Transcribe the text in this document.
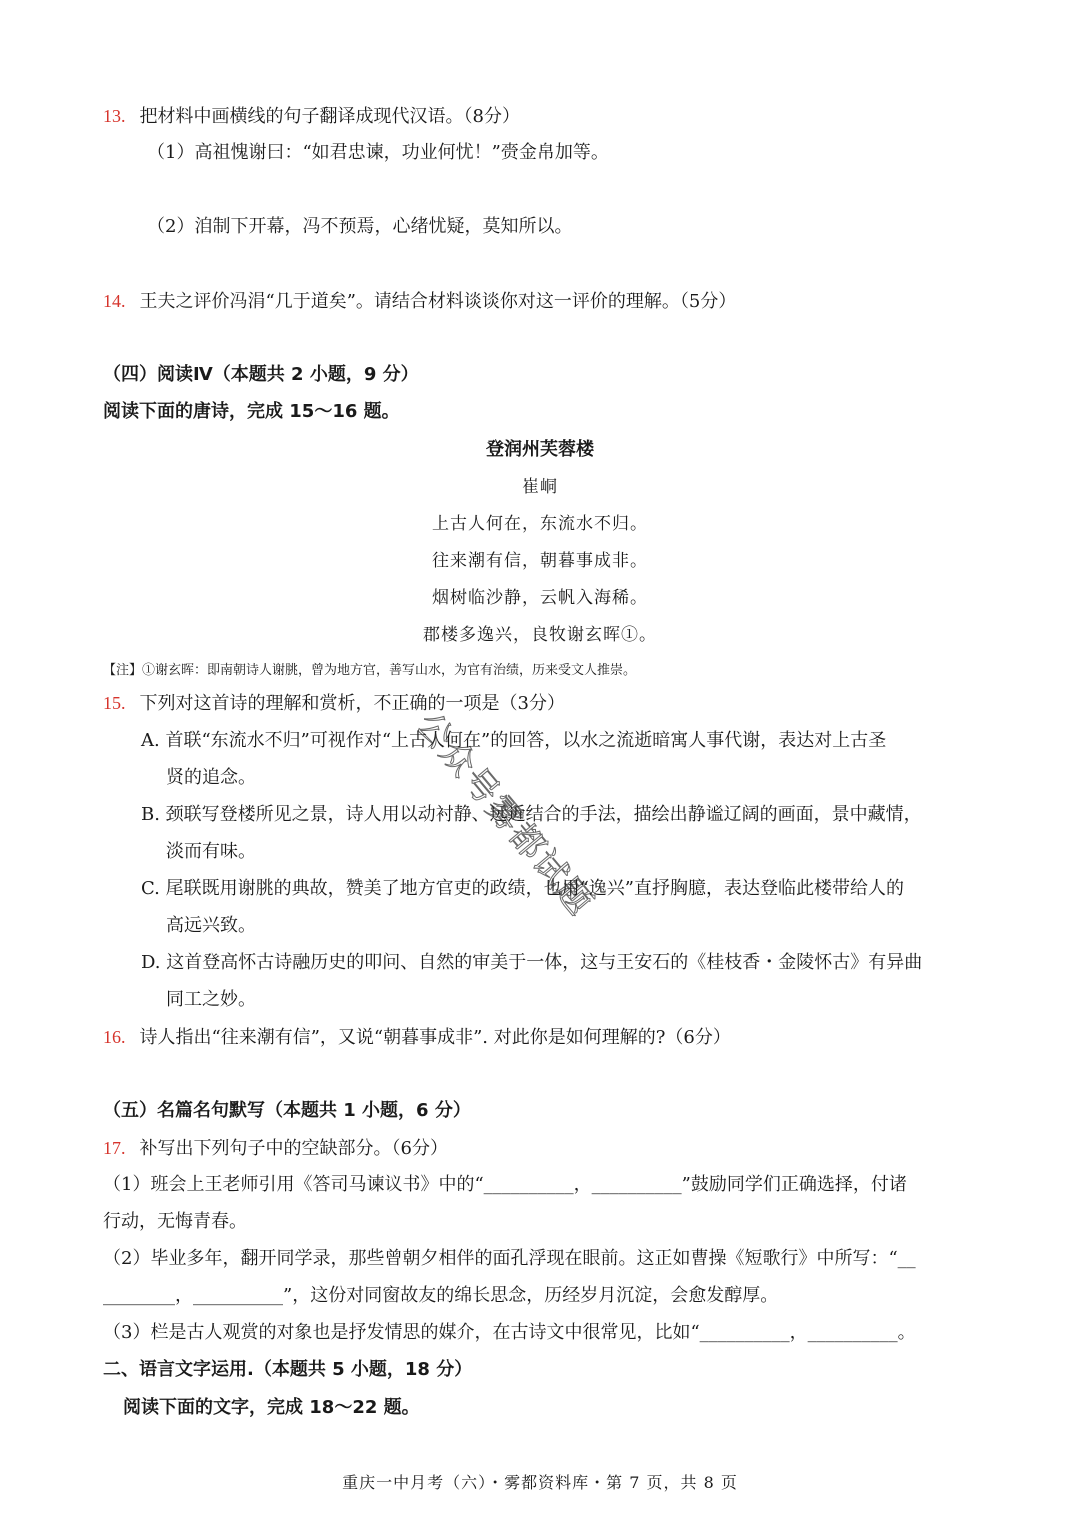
13. 把材料中画横线的句子翻译成现代汉语。（8分）
（1）高祖愧谢曰：“如君忠谏，功业何忧！”赍金帛加等。
（2）洎制下开幕，冯不预焉，心绪忧疑，莫知所以。
14. 王夫之评价冯涓“几于道矣”。请结合材料谈谈你对这一评价的理解。（5分）
（四）阅读Ⅳ（本题共 2 小题，9 分）
阅读下面的唐诗，完成 15～16 题。
登润州芙蓉楼
崔峒
上古人何在，东流水不归。
往来潮有信，朝暮事成非。
烟树临沙静，云帆入海稀。
郡楼多逸兴，良牧谢玄晖①。
【注】①谢玄晖：即南朝诗人谢朓，曾为地方官，善写山水，为官有治绩，历来受文人推崇。
15. 下列对这首诗的理解和赏析，不正确的一项是（3分）
A. 首联“东流水不归”可视作对“上古人何在”的回答，以水之流逝暗寓人事代谢，表达对上古圣
贤的追念。
B. 颈联写登楼所见之景，诗人用以动衬静、远近结合的手法，描绘出静谧辽阔的画面，景中藏情，
淡而有味。
C. 尾联既用谢朓的典故，赞美了地方官吏的政绩，也用“逸兴”直抒胸臆，表达登临此楼带给人的
高远兴致。
D. 这首登高怀古诗融历史的叩问、自然的审美于一体，这与王安石的《桂枝香・金陵怀古》有异曲
同工之妙。
16. 诗人指出“往来潮有信”，又说“朝暮事成非”. 对此你是如何理解的?（6分）
（五）名篇名句默写（本题共 1 小题，6 分）
17. 补写出下列句子中的空缺部分。（6分）
（1）班会上王老师引用《答司马谏议书》中的“__________，__________”鼓励同学们正确选择，付诸
行动，无悔青春。
（2）毕业多年，翻开同学录，那些曾朝夕相伴的面孔浮现在眼前。这正如曹操《短歌行》中所写：“__
________，__________”，这份对同窗故友的绵长思念，历经岁月沉淀，会愈发醇厚。
（3）栏是古人观赏的对象也是抒发情思的媒介，在古诗文中很常见，比如“__________，__________。
二、语言文字运用.（本题共 5 小题，18 分）
阅读下面的文字，完成 18～22 题。
重庆一中月考（六）・雾都资料库・第 7 页，共 8 页
公众号雾都试题
